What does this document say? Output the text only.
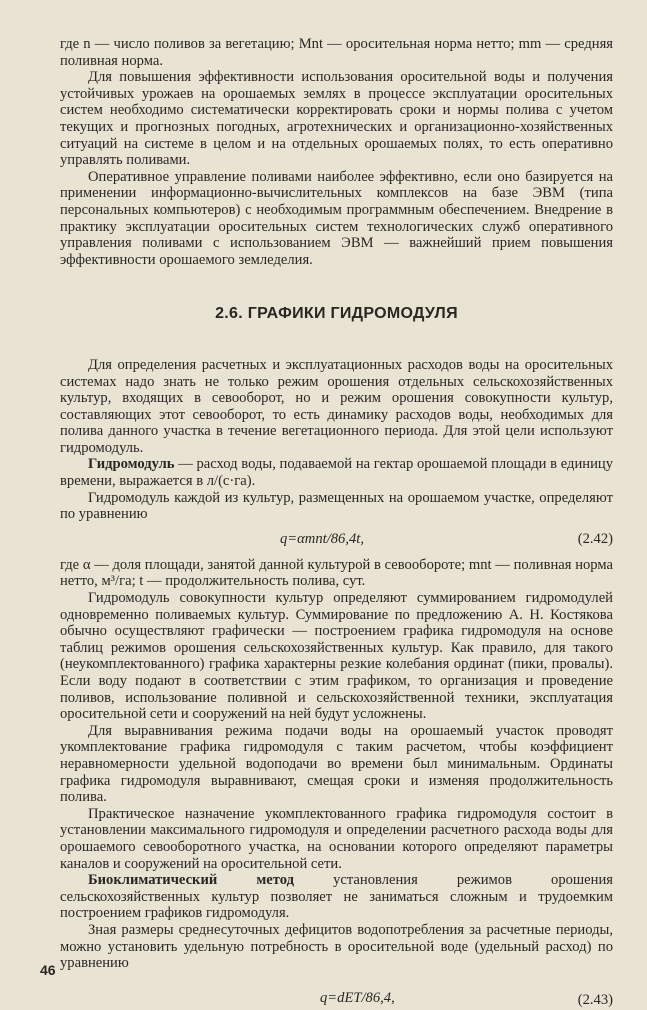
где n — число поливов за вегетацию; Mnt — оросительная норма нетто; mm — средняя поливная норма.

Для повышения эффективности использования оросительной воды и получения устойчивых урожаев на орошаемых землях в процессе эксплуатации оросительных систем необходимо систематически корректировать сроки и нормы полива с учетом текущих и прогнозных погодных, агротехнических и организационно-хозяйственных ситуаций на системе в целом и на отдельных орошаемых полях, то есть оперативно управлять поливами.

Оперативное управление поливами наиболее эффективно, если оно базируется на применении информационно-вычислительных комплексов на базе ЭВМ (типа персональных компьютеров) с необходимым программным обеспечением. Внедрение в практику эксплуатации оросительных систем технологических служб оперативного управления поливами с использованием ЭВМ — важнейший прием повышения эффективности орошаемого земледелия.

2.6. ГРАФИКИ ГИДРОМОДУЛЯ

Для определения расчетных и эксплуатационных расходов воды на оросительных системах надо знать не только режим орошения отдельных сельскохозяйственных культур, входящих в севооборот, но и режим орошения совокупности культур, составляющих этот севооборот, то есть динамику расходов воды, необходимых для полива данного участка в течение вегетационного периода. Для этой цели используют гидромодуль.

Гидромодуль — расход воды, подаваемой на гектар орошаемой площади в единицу времени, выражается в л/(с·га).

Гидромодуль каждой из культур, размещенных на орошаемом участке, определяют по уравнению

q=αmnt/86,4t,	(2.42)

где α — доля площади, занятой данной культурой в севообороте; mnt — поливная норма нетто, м³/га; t — продолжительность полива, сут.

Гидромодуль совокупности культур определяют суммированием гидромодулей одновременно поливаемых культур. Суммирование по предложению А. Н. Костякова обычно осуществляют графически — построением графика гидромодуля на основе таблиц режимов орошения сельскохозяйственных культур. Как правило, для такого (неукомплектованного) графика характерны резкие колебания ординат (пики, провалы). Если воду подают в соответствии с этим графиком, то организация и проведение поливов, использование поливной и сельскохозяйственной техники, эксплуатация оросительной сети и сооружений на ней будут усложнены.

Для выравнивания режима подачи воды на орошаемый участок проводят укомплектование графика гидромодуля с таким расчетом, чтобы коэффициент неравномерности удельной водоподачи во времени был минимальным. Ординаты графика гидромодуля выравнивают, смещая сроки и изменяя продолжительность полива.

Практическое назначение укомплектованного графика гидромодуля состоит в установлении максимального гидромодуля и определении расчетного расхода воды для орошаемого севооборотного участка, на основании которого определяют параметры каналов и сооружений на оросительной сети.

Биоклиматический метод установления режимов орошения сельскохозяйственных культур позволяет не заниматься сложным и трудоемким построением графиков гидромодуля.

Зная размеры среднесуточных дефицитов водопотребления за расчетные периоды, можно установить удельную потребность в оросительной воде (удельный расход) по уравнению

q=dET/86,4,	(2.43)
46
